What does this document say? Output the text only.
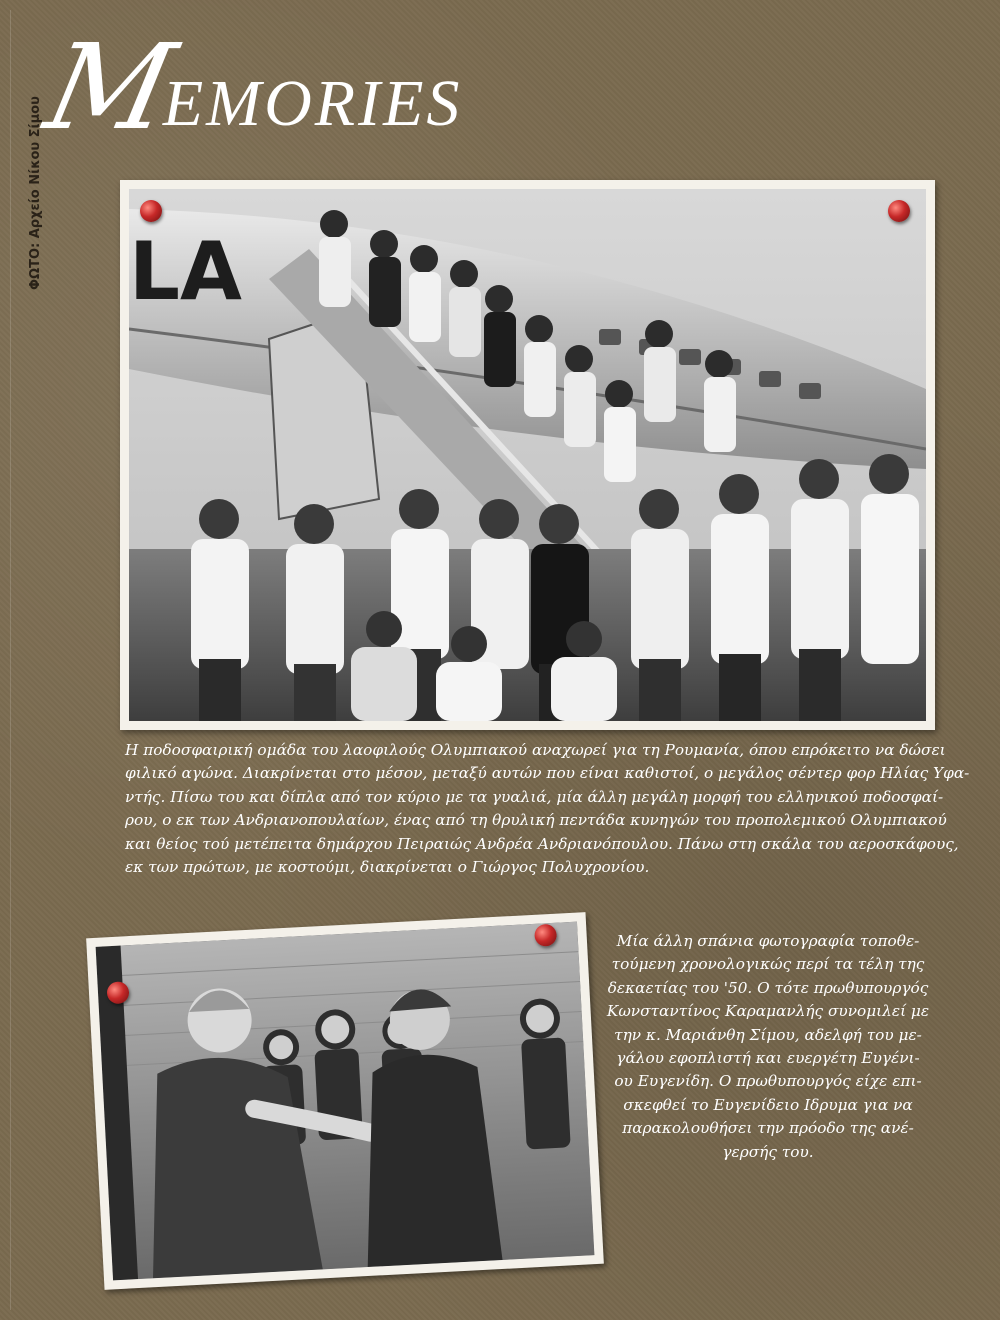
MEMORIES
ΦΩΤΟ: Αρχείο Νίκου Σίμου LA
Η ποδοσφαιρική ομάδα του λαοφιλούς Ολυμπιακού αναχωρεί για τη Ρουμανία, όπου επρόκειτο να δώσει
φιλικό αγώνα. Διακρίνεται στο μέσον, μεταξύ αυτών που είναι καθιστοί, ο μεγάλος σέντερ φορ Ηλίας Υφα-
ντής. Πίσω του και δίπλα από τον κύριο με τα γυαλιά, μία άλλη μεγάλη μορφή του ελληνικού ποδοσφαί-
ρου, ο εκ των Ανδριανοπουλαίων, ένας από τη θρυλική πεντάδα κυνηγών του προπολεμικού Ολυμπιακού
και θείος τού μετέπειτα δημάρχου Πειραιώς Ανδρέα Ανδριανόπουλου. Πάνω στη σκάλα του αεροσκάφους,
εκ των πρώτων, με κοστούμι, διακρίνεται ο Γιώργος Πολυχρονίου.
Μία άλλη σπάνια φωτογραφία τοποθε-
τούμενη χρονολογικώς περί τα τέλη της
δεκαετίας του '50. Ο τότε πρωθυπουργός
Κωνσταντίνος Καραμανλής συνομιλεί με
την κ. Μαριάνθη Σίμου, αδελφή του με-
γάλου εφοπλιστή και ευεργέτη Ευγένι-
ου Ευγενίδη. Ο πρωθυπουργός είχε επι-
σκεφθεί το Ευγενίδειο Ιδρυμα για να
παρακολουθήσει την πρόοδο της ανέ-
γερσής του.
